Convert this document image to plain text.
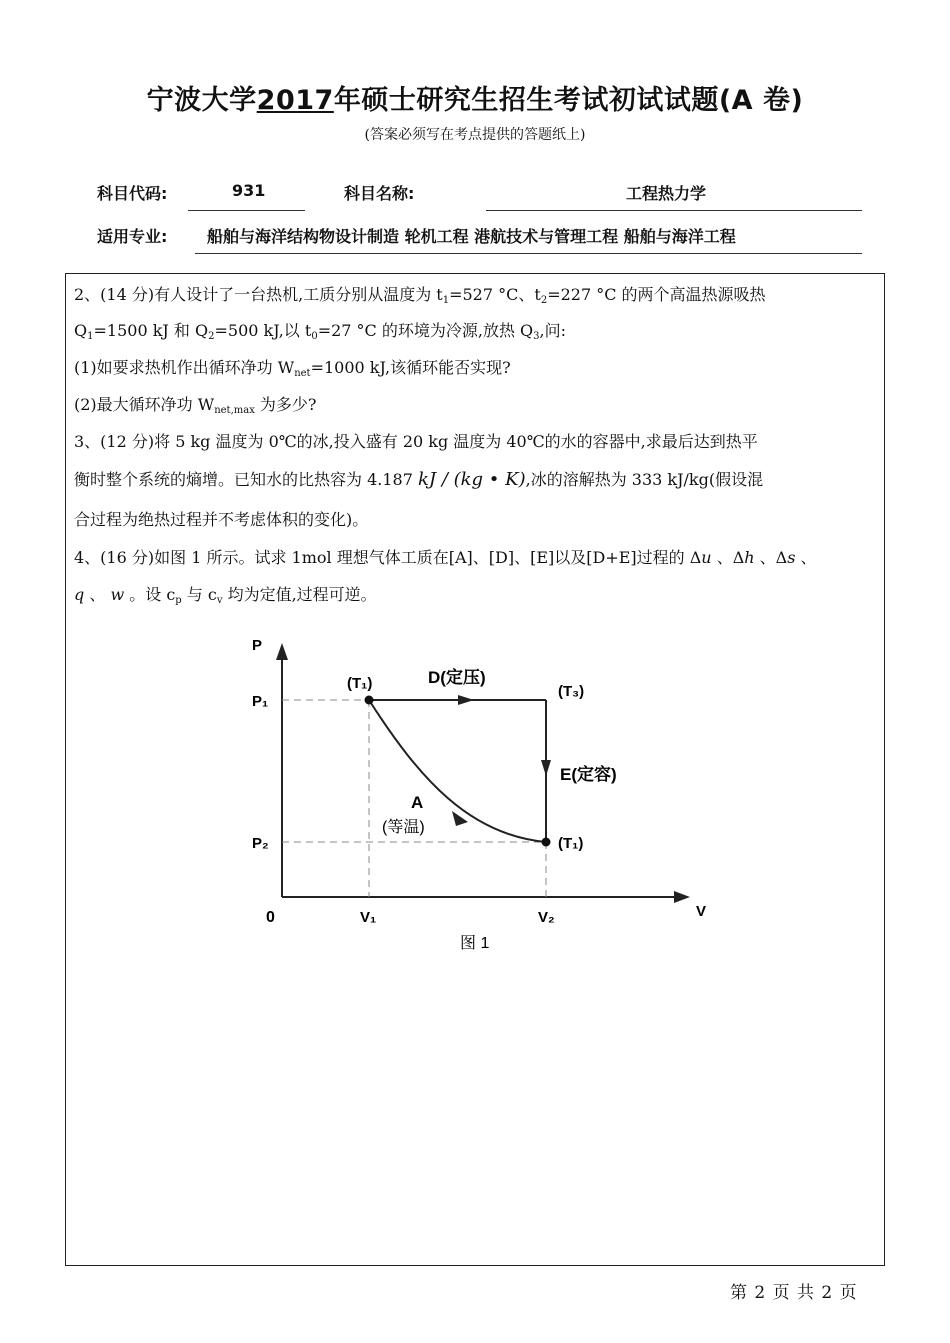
宁波大学2017年硕士研究生招生考试初试试题(A 卷)
(答案必须写在考点提供的答题纸上)
科目代码:	931	科目名称:	工程热力学
适用专业: 船舶与海洋结构物设计制造 轮机工程 港航技术与管理工程 船舶与海洋工程
2、(14 分)有人设计了一台热机,工质分别从温度为 $t_1=527$ °C、$t_2=227$ °C 的两个高温热源吸热
$Q_1=1500$ kJ 和 $Q_2=500$ kJ,以 $t_0=27$ °C 的环境为冷源,放热 $Q_3$,问:
(1)如要求热机作出循环净功 $W_{net}=1000$ kJ,该循环能否实现?
(2)最大循环净功 $W_{net,max}$ 为多少?
3、(12 分)将 5 kg 温度为 0℃的冰,投入盛有 20 kg 温度为 40℃的水的容器中,求最后达到热平
衡时整个系统的熵增。已知水的比热容为 4.187 kJ / (kg • K),冰的溶解热为 333 kJ/kg(假设混
合过程为绝热过程并不考虑体积的变化)。
4、(16 分)如图 1 所示。试求 1mol 理想气体工质在[A]、[D]、[E]以及[D+E]过程的 Δu 、Δh 、Δs 、
q 、 w 。设 $c_p$ 与 $c_v$ 均为定值,过程可逆。
P
V
0
P₁
P₂
V₁	V₂
(T₁)	(T₃)
(T₁)
D(定压)
E(定容)
A
(等温)
图 1
第 2 页 共 2 页
